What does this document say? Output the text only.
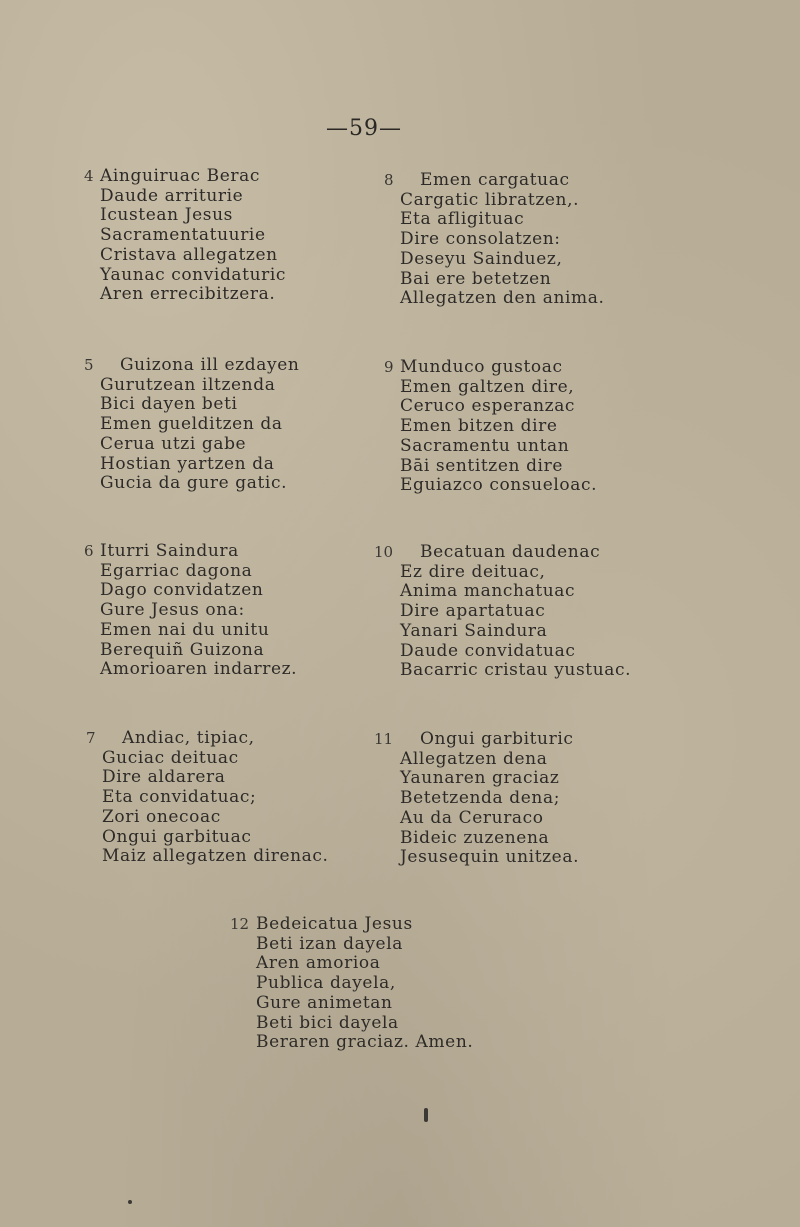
—59—
4 Ainguiruac Berac
Daude arriturie
Icustean Jesus
Sacramentatuurie
Cristava allegatzen
Yaunac convidaturic
Aren errecibitzera.
5	Guizona ill ezdayen
Gurutzean iltzenda
Bici dayen beti
Emen guelditzen da
Cerua utzi gabe
Hostian yartzen da
Gucia da gure gatic.
6 Iturri Saindura
Egarriac dagona
Dago convidatzen
Gure Jesus ona:
Emen nai du unitu
Berequiñ Guizona
Amorioaren indarrez.
7	Andiac, tipiac,
Guciac deituac
Dire aldarera
Eta convidatuac;
Zori onecoac
Ongui garbituac
Maiz allegatzen direnac.
8	Emen cargatuac
Cargatic libratzen,.
Eta afligituac
Dire consolatzen:
Deseyu Sainduez,
Bai ere betetzen
Allegatzen den anima.
9 Munduco gustoac
Emen galtzen dire,
Ceruco esperanzac
Emen bitzen dire
Sacramentu untan
Bāi sentitzen dire
Eguiazco consueloac.
10	Becatuan daudenac
Ez dire deituac,
Anima manchatuac
Dire apartatuac
Yanari Saindura
Daude convidatuac
Bacarric cristau yustuac.
11	Ongui garbituric
Allegatzen dena
Yaunaren graciaz
Betetzenda dena;
Au da Ceruraco
Bideic zuzenena
Jesusequin unitzea.
12 Bedeicatua Jesus
Beti izan dayela
Aren amorioa
Publica dayela,
Gure animetan
Beti bici dayela
Beraren graciaz. Amen.
